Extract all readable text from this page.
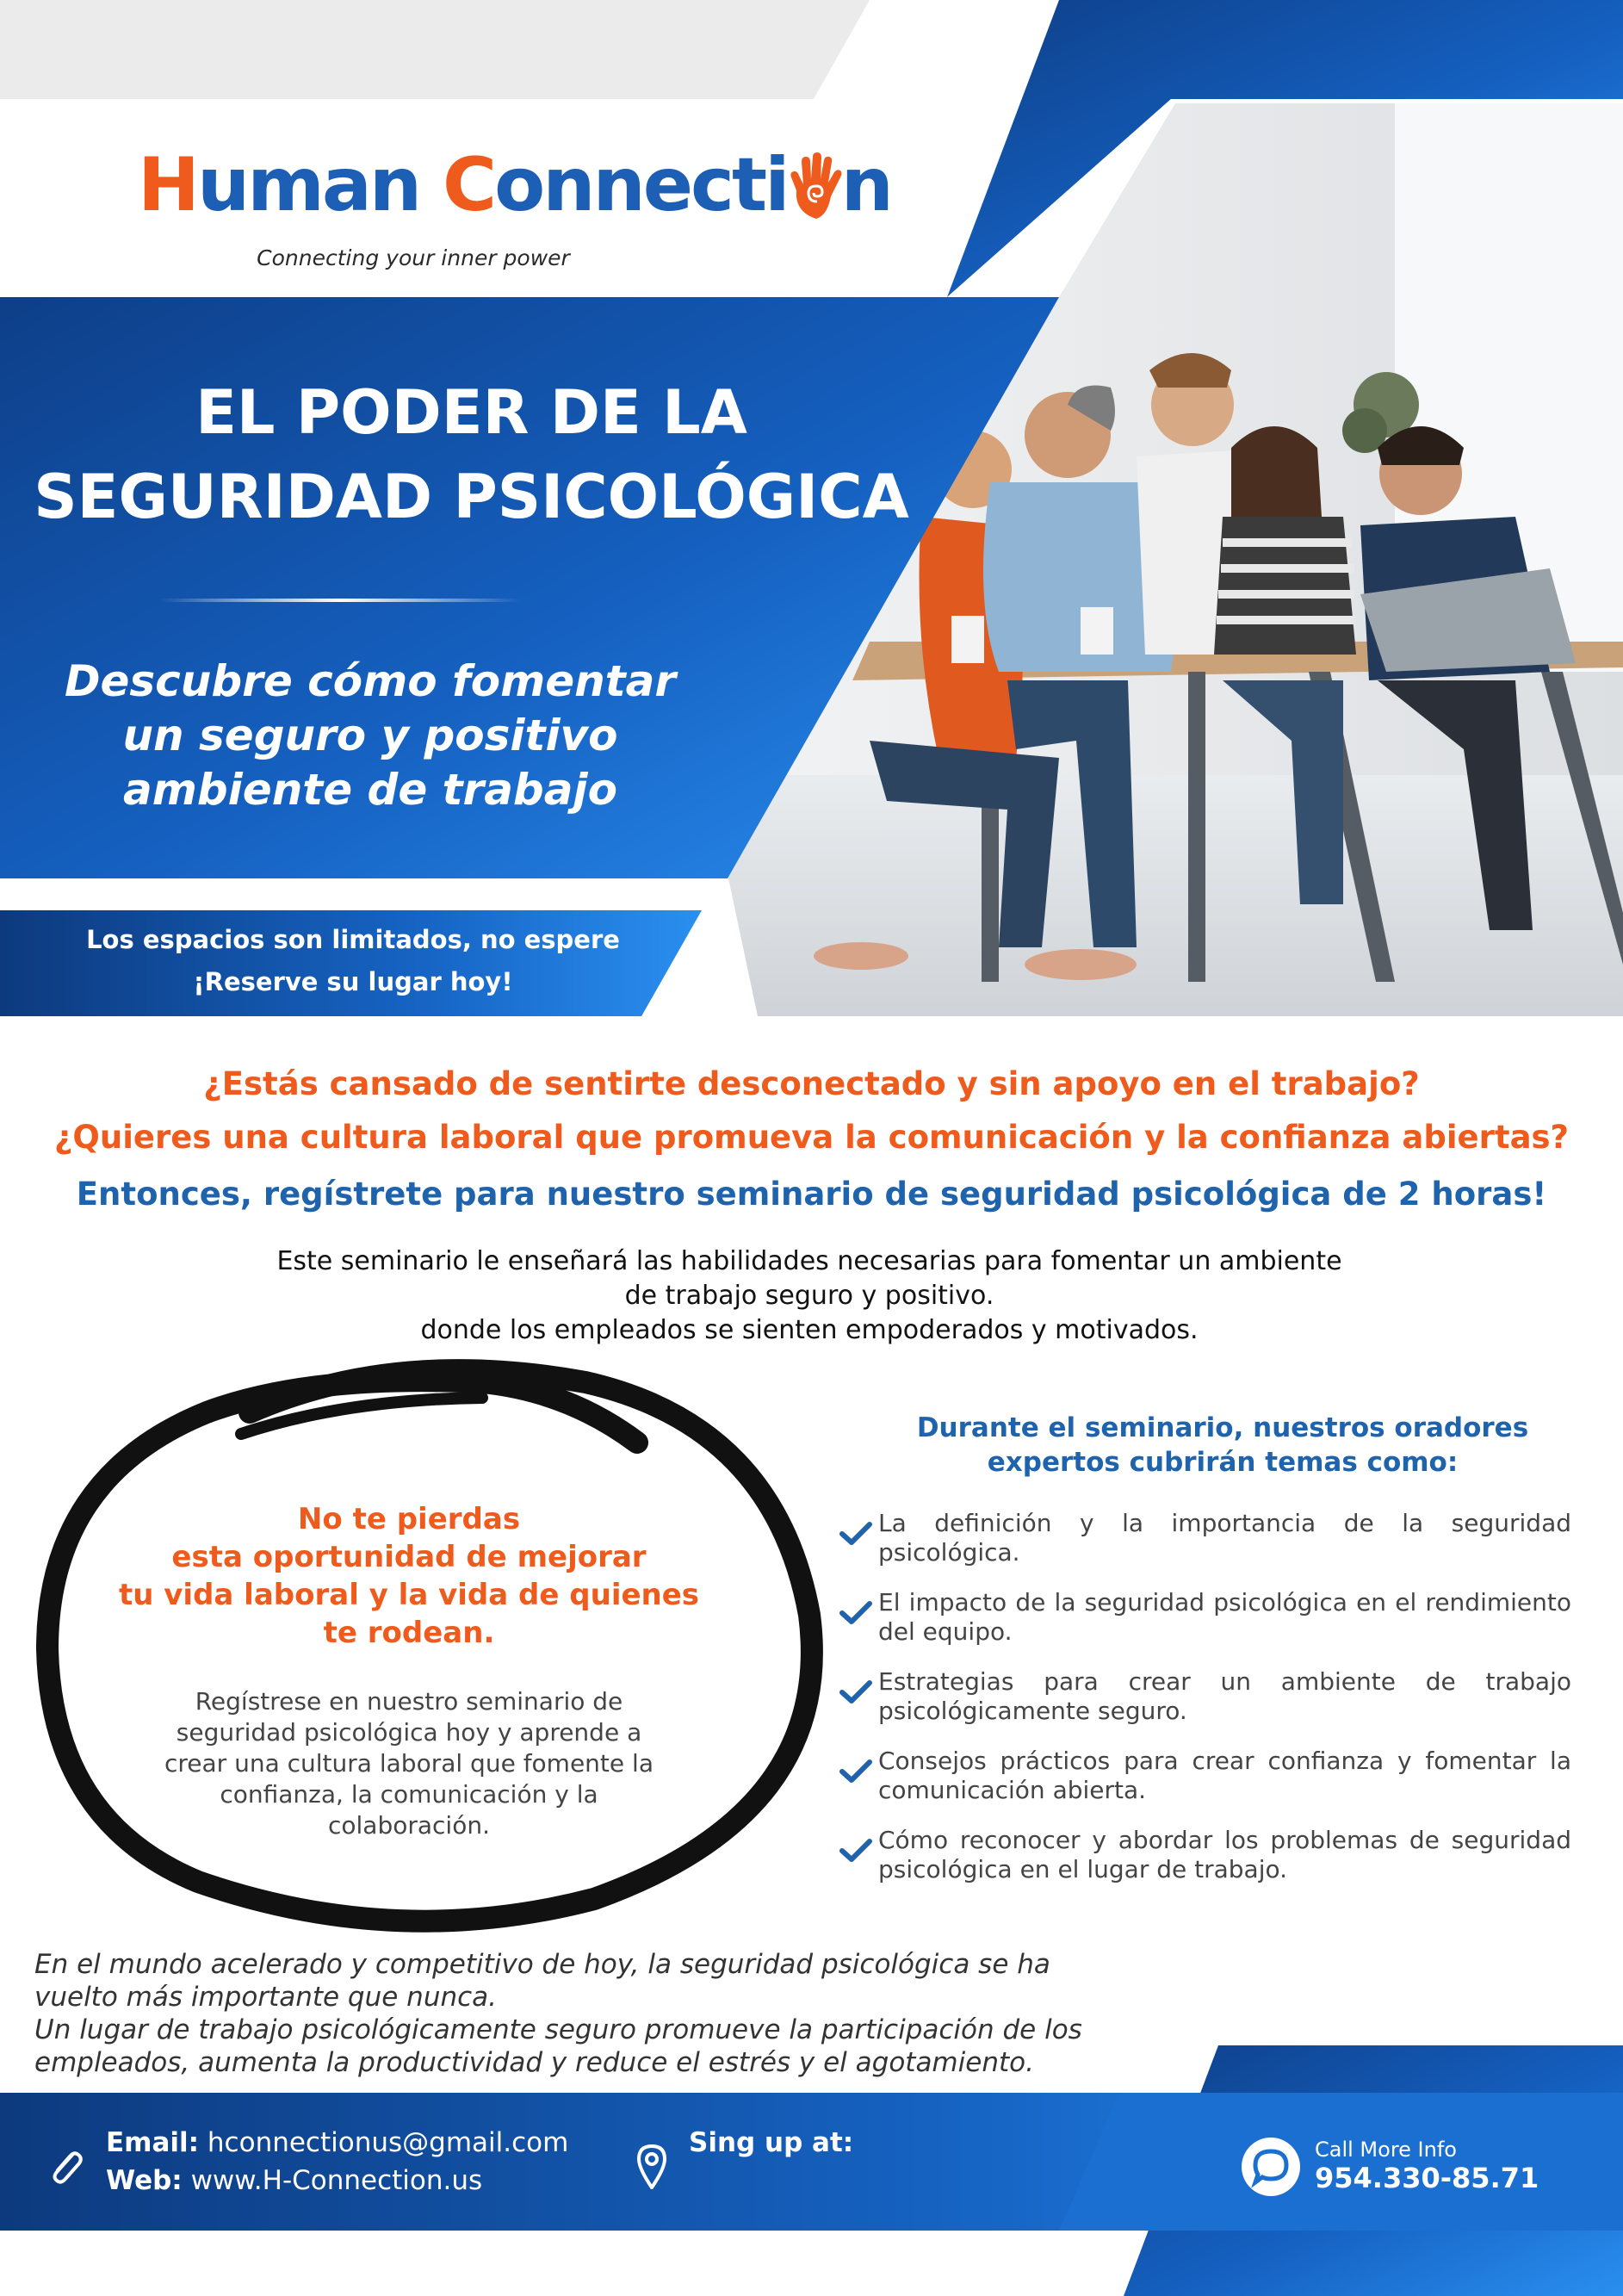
Human Connecti n
Connecting your inner power
EL PODER DE LA
SEGURIDAD PSICOLÓGICA
Descubre cómo fomentar
un seguro y positivo
ambiente de trabajo
Los espacios son limitados, no espere
¡Reserve su lugar hoy!
¿Estás cansado de sentirte desconectado y sin apoyo en el trabajo?
¿Quieres una cultura laboral que promueva la comunicación y la confianza abiertas?
Entonces, regístrete para nuestro seminario de seguridad psicológica de 2 horas!
Este seminario le enseñará las habilidades necesarias para fomentar un ambiente
de trabajo seguro y positivo.
donde los empleados se sienten empoderados y motivados.
No te pierdas
esta oportunidad de mejorar
tu vida laboral y la vida de quienes
te rodean.
Regístrese en nuestro seminario de
seguridad psicológica hoy y aprende a
crear una cultura laboral que fomente la
confianza, la comunicación y la
colaboración.
Durante el seminario, nuestros oradores
expertos cubrirán temas como:
La definición y la importancia de la seguridad psicológica.
El impacto de la seguridad psicológica en el rendimiento del equipo.
Estrategias para crear un ambiente de trabajo psicológicamente seguro.
Consejos prácticos para crear confianza y fomentar la comunicación abierta.
Cómo reconocer y abordar los problemas de seguridad psicológica en el lugar de trabajo.
En el mundo acelerado y competitivo de hoy, la seguridad psicológica se ha
vuelto más importante que nunca.
Un lugar de trabajo psicológicamente seguro promueve la participación de los
empleados, aumenta la productividad y reduce el estrés y el agotamiento.
Email: hconnectionus@gmail.com
Web: www.H-Connection.us
Sing up at:	Call More Info
954.330-85.71
